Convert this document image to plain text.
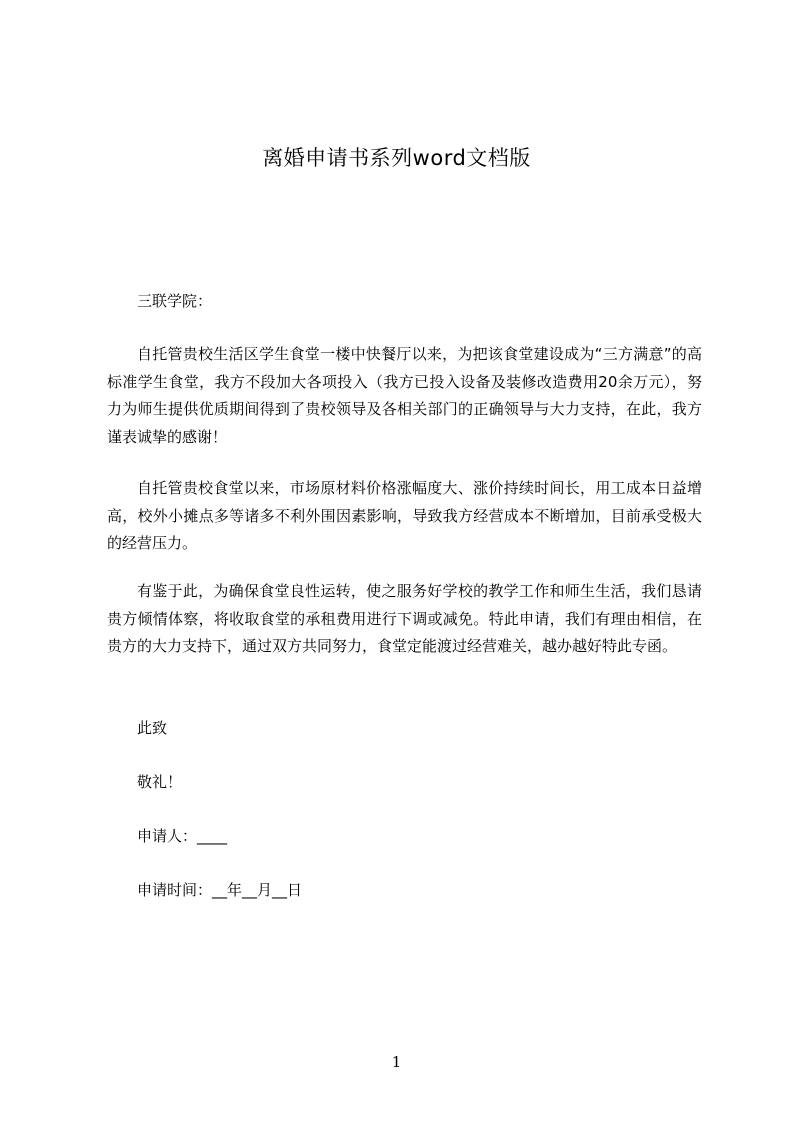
离婚申请书系列word文档版
三联学院：
自托管贵校生活区学生食堂一楼中快餐厅以来，为把该食堂建设成为“三方满意”的高标准学生食堂，我方不段加大各项投入（我方已投入设备及装修改造费用20余万元），努力为师生提供优质期间得到了贵校领导及各相关部门的正确领导与大力支持，在此，我方谨表诚挚的感谢！
自托管贵校食堂以来，市场原材料价格涨幅度大、涨价持续时间长，用工成本日益增高，校外小摊点多等诸多不利外围因素影响，导致我方经营成本不断增加，目前承受极大的经营压力。
有鉴于此，为确保食堂良性运转，使之服务好学校的教学工作和师生生活，我们恳请贵方倾情体察，将收取食堂的承租费用进行下调或减免。特此申请，我们有理由相信，在贵方的大力支持下，通过双方共同努力，食堂定能渡过经营难关，越办越好特此专函。
此致
敬礼！
申请人：____
申请时间：__年__月__日
1
